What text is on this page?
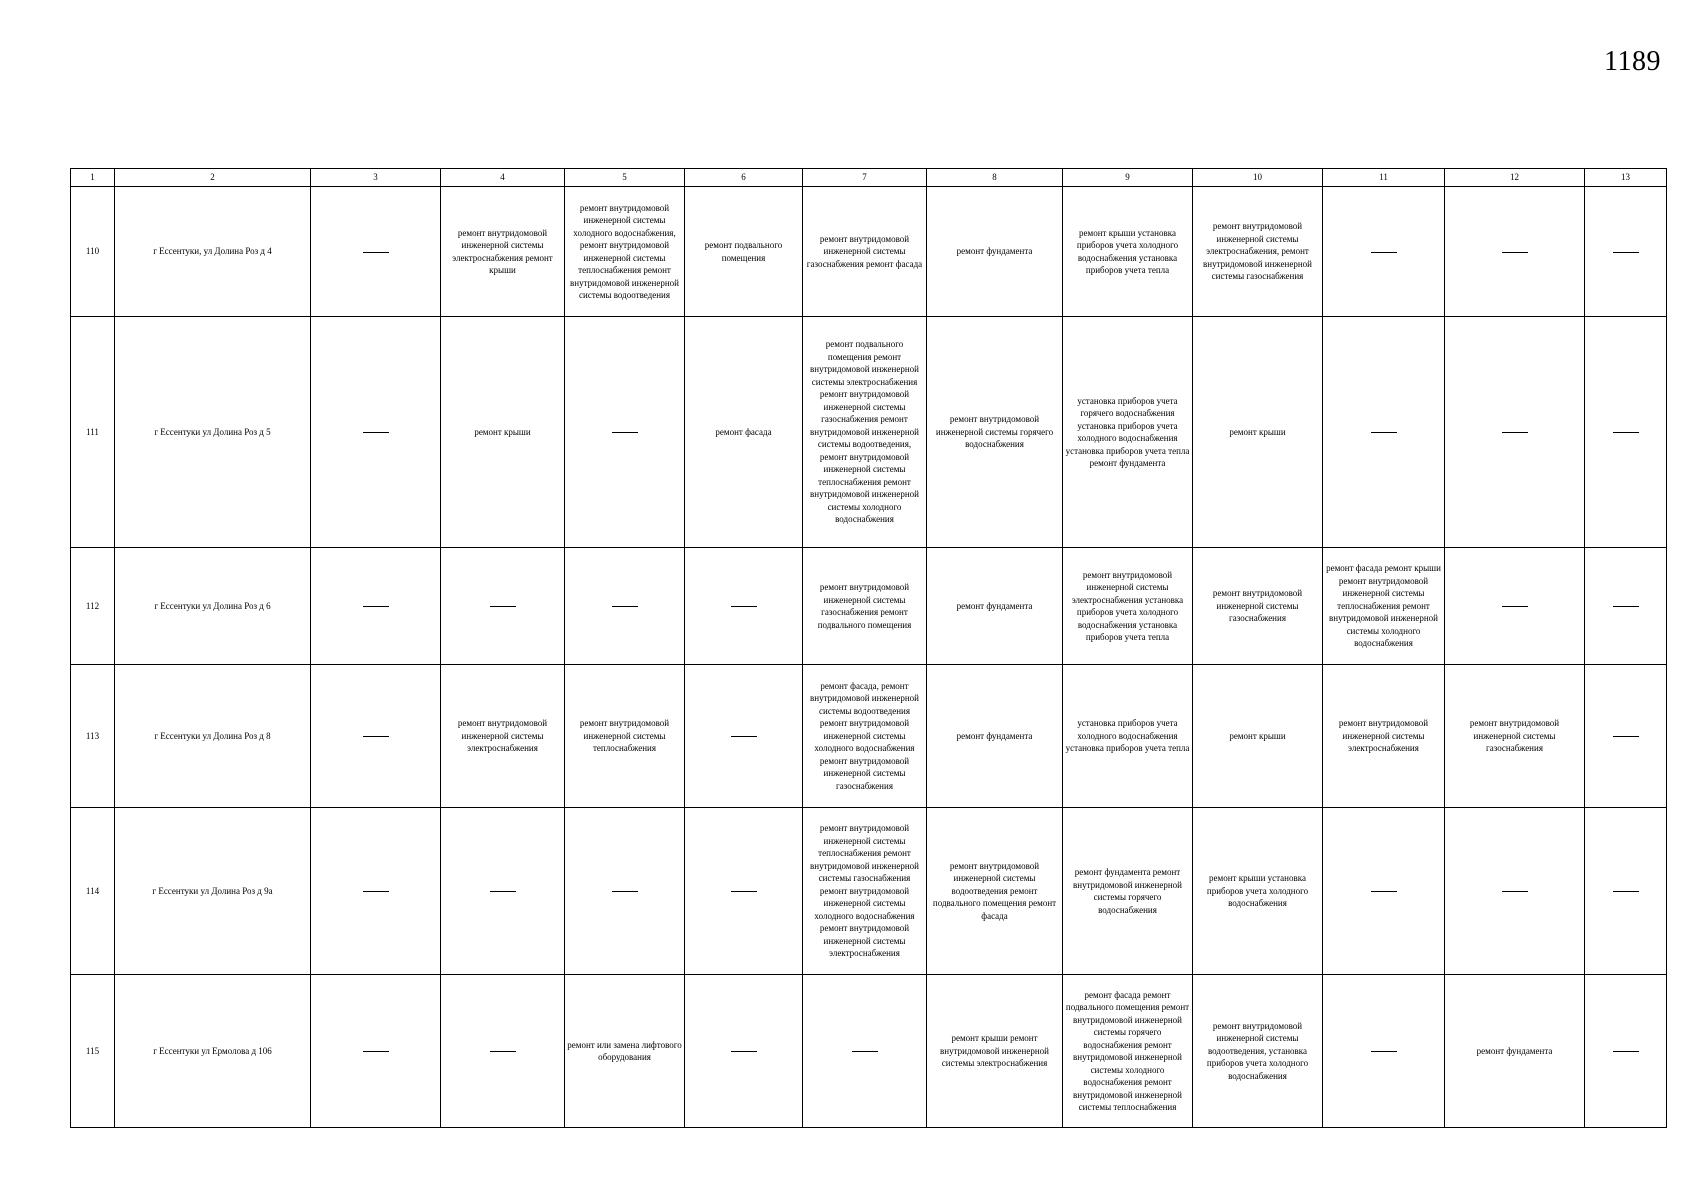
1189
1	2	3	4	5	6	7	8	9	10	11	12	13
110	г Ессентуки, ул Долина Роз д 4		ремонт внутридомовой инженерной системы электроснабжения ремонт крыши	ремонт внутридомовой инженерной системы холодного водоснабжения, ремонт внутридомовой инженерной системы теплоснабжения ремонт внутридомовой инженерной системы водоотведения	ремонт подвального помещения	ремонт внутридомовой инженерной системы газоснабжения ремонт фасада	ремонт фундамента	ремонт крыши установка приборов учета холодного водоснабжения установка приборов учета тепла	ремонт внутридомовой инженерной системы электроснабжения, ремонт внутридомовой инженерной системы газоснабжения			
111	г Ессентуки ул Долина Роз д 5		ремонт крыши		ремонт фасада	ремонт подвального помещения ремонт внутридомовой инженерной системы электроснабжения ремонт внутридомовой инженерной системы газоснабжения ремонт внутридомовой инженерной системы водоотведения, ремонт внутридомовой инженерной системы теплоснабжения ремонт внутридомовой инженерной системы холодного водоснабжения	ремонт внутридомовой инженерной системы горячего водоснабжения	установка приборов учета горячего водоснабжения установка приборов учета холодного водоснабжения установка приборов учета тепла ремонт фундамента	ремонт крыши			
112	г Ессентуки ул Долина Роз д 6					ремонт внутридомовой инженерной системы газоснабжения ремонт подвального помещения	ремонт фундамента	ремонт внутридомовой инженерной системы электроснабжения установка приборов учета холодного водоснабжения установка приборов учета тепла	ремонт внутридомовой инженерной системы газоснабжения	ремонт фасада ремонт крыши ремонт внутридомовой инженерной системы теплоснабжения ремонт внутридомовой инженерной системы холодного водоснабжения		
113	г Ессентуки ул Долина Роз д 8		ремонт внутридомовой инженерной системы электроснабжения	ремонт внутридомовой инженерной системы теплоснабжения		ремонт фасада, ремонт внутридомовой инженерной системы водоотведения ремонт внутридомовой инженерной системы холодного водоснабжения ремонт внутридомовой инженерной системы газоснабжения	ремонт фундамента	установка приборов учета холодного водоснабжения установка приборов учета тепла	ремонт крыши	ремонт внутридомовой инженерной системы электроснабжения	ремонт внутридомовой инженерной системы газоснабжения	
114	г Ессентуки ул Долина Роз д 9а					ремонт внутридомовой инженерной системы теплоснабжения ремонт внутридомовой инженерной системы газоснабжения ремонт внутридомовой инженерной системы холодного водоснабжения ремонт внутридомовой инженерной системы электроснабжения	ремонт внутридомовой инженерной системы водоотведения ремонт подвального помещения ремонт фасада	ремонт фундамента ремонт внутридомовой инженерной системы горячего водоснабжения	ремонт крыши установка приборов учета холодного водоснабжения			
115	г Ессентуки ул Ермолова д 106			ремонт или замена лифтового оборудования			ремонт крыши ремонт внутридомовой инженерной системы электроснабжения	ремонт фасада ремонт подвального помещения ремонт внутридомовой инженерной системы горячего водоснабжения ремонт внутридомовой инженерной системы холодного водоснабжения ремонт внутридомовой инженерной системы теплоснабжения	ремонт внутридомовой инженерной системы водоотведения, установка приборов учета холодного водоснабжения		ремонт фундамента	
